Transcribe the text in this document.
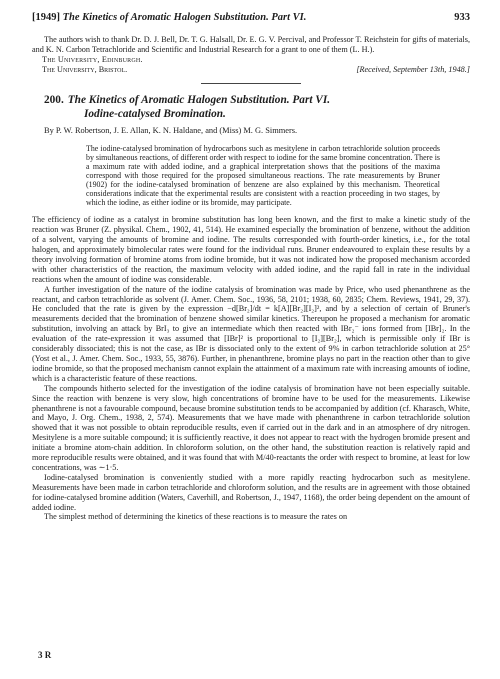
[1949] The Kinetics of Aromatic Halogen Substitution. Part VI.	933

The authors wish to thank Dr. D. J. Bell, Dr. T. G. Halsall, Dr. E. G. V. Percival, and Professor T. Reichstein for gifts of materials, and K. N. Carbon Tetrachloride and Scientific and Industrial Research for a grant to one of them (L. H.).

The University, Edinburgh.
The University, Bristol.	[Received, September 13th, 1948.]
200. The Kinetics of Aromatic Halogen Substitution. Part VI.
Iodine-catalysed Bromination.
By P. W. Robertson, J. E. Allan, K. N. Haldane, and (Miss) M. G. Simmers.

The iodine-catalysed bromination of hydrocarbons such as mesitylene in carbon tetrachloride solution proceeds by simultaneous reactions, of different order with respect to iodine for the same bromine concentration. There is a maximum rate with added iodine, and a graphical interpretation shows that the positions of the maxima correspond with those required for the proposed simultaneous reactions. The rate measurements by Bruner (1902) for the iodine-catalysed bromination of benzene are also explained by this mechanism. Theoretical considerations indicate that the experimental results are consistent with a reaction proceeding in two stages, by which the iodine, as either iodine or its bromide, may participate.

The efficiency of iodine as a catalyst in bromine substitution has long been known, and the first to make a kinetic study of the reaction was Bruner (Z. physikal. Chem., 1902, 41, 514). He examined especially the bromination of benzene, without the addition of a solvent, varying the amounts of bromine and iodine. The results corresponded with fourth-order kinetics, i.e., for the total halogen, and approximately bimolecular rates were found for the individual runs. Bruner endeavoured to explain these results by a theory involving formation of bromine atoms from iodine bromide, but it was not indicated how the proposed mechanism accorded with other characteristics of the reaction, the maximum velocity with added iodine, and the rapid fall in rate in the individual reactions when the amount of iodine was considerable.

A further investigation of the nature of the iodine catalysis of bromination was made by Price, who used phenanthrene as the reactant, and carbon tetrachloride as solvent (J. Amer. Chem. Soc., 1936, 58, 2101; 1938, 60, 2835; Chem. Reviews, 1941, 29, 37). He concluded that the rate is given by the expression −d[Br₂]/dt = k[A][Br₂][I₂]², and by a selection of certain of Bruner's measurements decided that the bromination of benzene showed similar kinetics. Thereupon he proposed a mechanism for aromatic substitution, involving an attack by BrI₃ to give an intermediate which then reacted with IBr₂⁻ ions formed from [IBr]₂. In the evaluation of the rate-expression it was assumed that [IBr]² is proportional to [I₂][Br₂], which is permissible only if IBr is considerably dissociated; this is not the case, as IBr is dissociated only to the extent of 9% in carbon tetrachloride solution at 25° (Yost et al., J. Amer. Chem. Soc., 1933, 55, 3876). Further, in phenanthrene, bromine plays no part in the reaction other than to give iodine bromide, so that the proposed mechanism cannot explain the attainment of a maximum rate with increasing amounts of iodine, which is a characteristic feature of these reactions.

The compounds hitherto selected for the investigation of the iodine catalysis of bromination have not been especially suitable. Since the reaction with benzene is very slow, high concentrations of bromine have to be used for the measurements. Likewise phenanthrene is not a favourable compound, because bromine substitution tends to be accompanied by addition (cf. Kharasch, White, and Mayo, J. Org. Chem., 1938, 2, 574). Measurements that we have made with phenanthrene in carbon tetrachloride solution showed that it was not possible to obtain reproducible results, even if carried out in the dark and in an atmosphere of dry nitrogen. Mesitylene is a more suitable compound; it is sufficiently reactive, it does not appear to react with the hydrogen bromide present and initiate a bromine atom-chain addition. In chloroform solution, on the other hand, the substitution reaction is relatively rapid and more reproducible results were obtained, and it was found that with M/40-reactants the order with respect to bromine, at least for low concentrations, was ∼1·5.

Iodine-catalysed bromination is conveniently studied with a more rapidly reacting hydrocarbon such as mesitylene. Measurements have been made in carbon tetrachloride and chloroform solution, and the results are in agreement with those obtained for iodine-catalysed bromine addition (Waters, Caverhill, and Robertson, J., 1947, 1168), the order being dependent on the amount of added iodine.

The simplest method of determining the kinetics of these reactions is to measure the rates on

3 R
